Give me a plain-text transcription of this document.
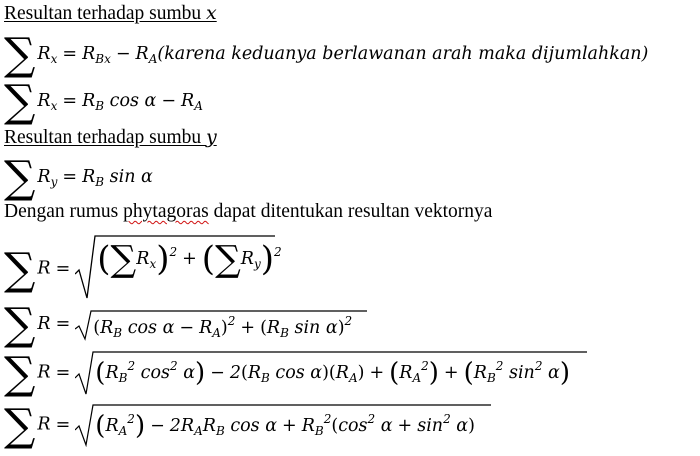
Resultan terhadap sumbu x
∑ $R_x = R_{Bx}$ − $R_A(karena$ keduanya berlawanan arah maka dijumlahkan)
∑ $R_x = R_B$ $\cos \alpha - R_A$
Resultan terhadap sumbu y
∑ $R_y = R_B$ sin α
Dengan rumus phytagoras dapat ditentukan resultan vektornya
∑ $R = (\sum R_x)^2 + (\sum R_y)^2$
∑ $R = (R_B$ $\cos \alpha - R_A)^2 + (R_B$ sin α)$^2$
∑ $R = (R_B^2$ $\cos^2 \alpha) - 2(R_B$ $\cos \alpha)(R_A) + (R_A^2) + (R_B^2$ $\sin^2 \alpha$)
∑ $R = (R_A^2) - 2R_AR_B$ $\cos \alpha + R_B^2(\cos^2$ $\alpha + \sin^2 \alpha$)
